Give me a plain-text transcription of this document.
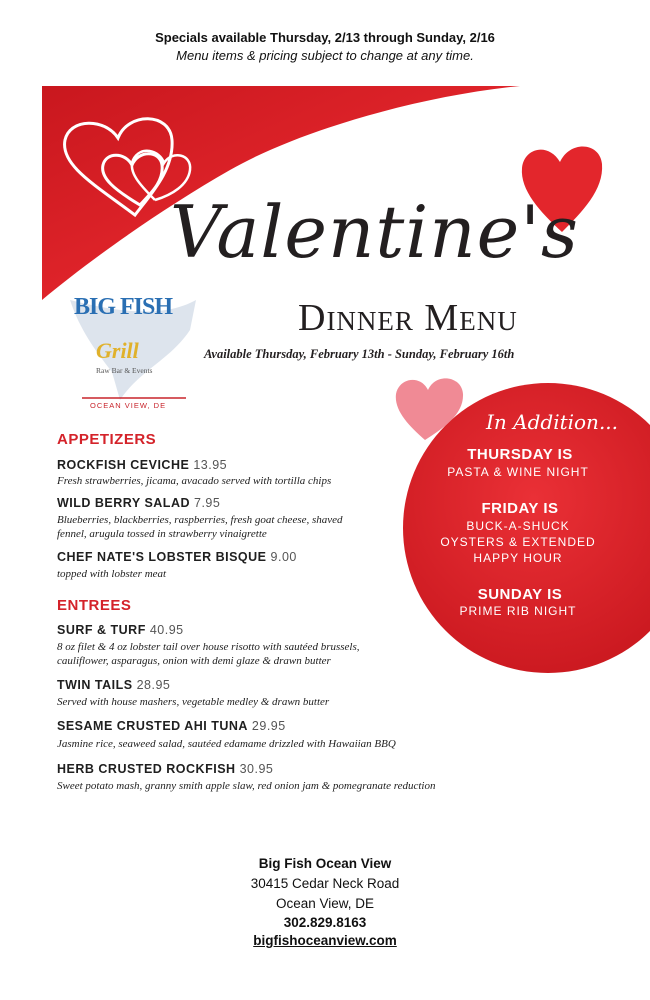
Specials available Thursday, 2/13 through Sunday, 2/16
Menu items & pricing subject to change at any time.
Valentine's
Dinner Menu
Available Thursday, February 13th - Sunday, February 16th
BIG FISH
Grill
Raw Bar & Events
OCEAN VIEW, DE
APPETIZERS
ROCKFISH CEVICHE 13.95
Fresh strawberries, jicama, avacado served with tortilla chips
WILD BERRY SALAD 7.95
Blueberries, blackberries, raspberries, fresh goat cheese, shaved fennel, arugula tossed in strawberry vinaigrette
CHEF NATE'S LOBSTER BISQUE 9.00
topped with lobster meat
ENTREES
SURF & TURF 40.95
8 oz filet & 4 oz lobster tail over house risotto with sautéed brussels, cauliflower, asparagus, onion with demi glaze & drawn butter
TWIN TAILS 28.95
Served with house mashers, vegetable medley & drawn butter
SESAME CRUSTED AHI TUNA 29.95
Jasmine rice, seaweed salad, sautéed edamame drizzled with Hawaiian BBQ
HERB CRUSTED ROCKFISH 30.95
Sweet potato mash, granny smith apple slaw, red onion jam & pomegranate reduction
In Addition...
THURSDAY IS
PASTA & WINE NIGHT
FRIDAY IS
BUCK-A-SHUCK
OYSTERS & EXTENDED
HAPPY HOUR
SUNDAY IS
PRIME RIB NIGHT
Big Fish Ocean View
30415 Cedar Neck Road
Ocean View, DE
302.829.8163
bigfishoceanview.com
